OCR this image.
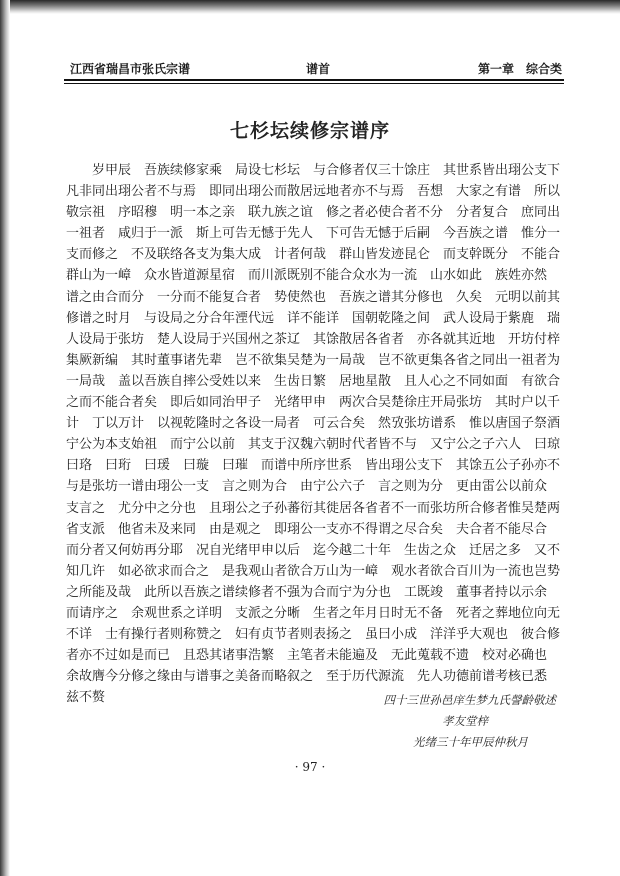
江西省瑞昌市张氏宗谱	谱首	第一章　综合类
七杉坛续修宗谱序
岁甲辰　吾族续修家乘　局设七杉坛　与合修者仅三十馀庄　其世系皆出珝公支下
凡非同出珝公者不与焉　即同出珝公而散居远地者亦不与焉　吾想　大家之有谱　所以
敬宗祖　序昭穆　明一本之亲　联九族之谊　修之者必使合者不分　分者复合　庶同出
一祖者　咸归于一派　斯上可告无憾于先人　下可告无憾于后嗣　今吾族之谱　惟分一
支而修之　不及联络各支为集大成　计者何哉　群山皆发迹昆仑　而支幹既分　不能合
群山为一嶂　众水皆道源星宿　而川派既别不能合众水为一流　山水如此　族姓亦然
谱之由合而分　一分而不能复合者　势使然也　吾族之谱其分修也　久矣　元明以前其
修谱之时月　与设局之分合年湮代远　详不能详　国朝乾隆之间　武人设局于紫鹿　瑞
人设局于张坊　楚人设局于兴国州之茶辽　其馀散居各省者　亦各就其近地　开坊付梓
集厥新编　其时董事诸先辈　岂不欲集吴楚为一局哉　岂不欲更集各省之同出一祖者为
一局哉　盖以吾族自摔公受姓以来　生齿日繁　居地星散　且人心之不同如面　有欲合
之而不能合者矣　即后如同治甲子　光绪甲申　两次合吴楚徐庄开局张坊　其时户以千
计　丁以万计　以视乾隆时之各设一局者　可云合矣　然攷张坊谱系　惟以唐国子祭酒
宁公为本支始祖　而宁公以前　其支于汉魏六朝时代者皆不与　又宁公之子六人　曰琼
曰珞　曰珩　曰瑗　曰璇　曰璀　而谱中所序世系　皆出珝公支下　其馀五公子孙亦不
与是张坊一谱由珝公一支　言之则为合　由宁公六子　言之则为分　更由雷公以前众
支言之　尤分中之分也　且珝公之子孙蕃衍其徙居各省者不一而张坊所合修者惟吴楚两
省支派　他省未及来同　由是观之　即珝公一支亦不得谓之尽合矣　夫合者不能尽合
而分者又何妨再分耶　况自光绪甲申以后　迄今越二十年　生齿之众　迁居之多　又不
知几许　如必欲求而合之　是我观山者欲合万山为一嶂　观水者欲合百川为一流也岂势
之所能及哉　此所以吾族之谱续修者不强为合而宁为分也　工既竣　董事者持以示余
而请序之　余观世系之详明　支派之分晰　生者之年月日时无不备　死者之葬地位向无
不详　士有操行者则称赞之　妇有贞节者则表扬之　虽曰小成　洋洋乎大观也　彼合修
者亦不过如是而已　且恐其诸事浩繁　主笔者未能遍及　无此蒐载不遗　校对必确也
余故膺今分修之缘由与谱事之美备而略叙之　至于历代源流　先人功德前谱考核已悉
兹不赘	四十三世孙邑庠生梦九氏謦齡敬述
孝友堂梓
光绪三十年甲辰仲秋月
· 97 ·
